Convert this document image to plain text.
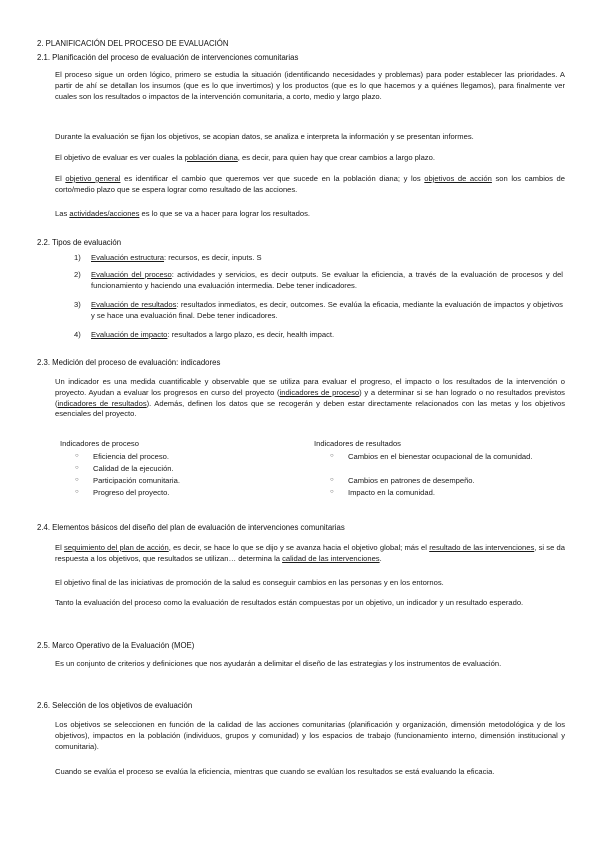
2. PLANIFICACIÓN DEL PROCESO DE EVALUACIÓN
2.1. Planificación del proceso de evaluación de intervenciones comunitarias
El proceso sigue un orden lógico, primero se estudia la situación (identificando necesidades y problemas) para poder establecer las prioridades. A partir de ahí se detallan los insumos (que es lo que invertimos) y los productos (que es lo que hacemos y a quiénes llegamos), para finalmente ver cuales son los resultados o impactos de la intervención comunitaria, a corto, medio y largo plazo.
Durante la evaluación se fijan los objetivos, se acopian datos, se analiza e interpreta la información y se presentan informes.
El objetivo de evaluar es ver cuales la población diana, es decir, para quien hay que crear cambios a largo plazo.
El objetivo general es identificar el cambio que queremos ver que sucede en la población diana; y los objetivos de acción son los cambios de corto/medio plazo que se espera lograr como resultado de las acciones.
Las actividades/acciones es lo que se va a hacer para lograr los resultados.
2.2. Tipos de evaluación
1) Evaluación estructura: recursos, es decir, inputs. S
2) Evaluación del proceso: actividades y servicios, es decir outputs. Se evaluar la eficiencia, a través de la evaluación de procesos y del funcionamiento y haciendo una evaluación intermedia. Debe tener indicadores.
3) Evaluación de resultados: resultados inmediatos, es decir, outcomes. Se evalúa la eficacia, mediante la evaluación de impactos y objetivos y se hace una evaluación final. Debe tener indicadores.
4) Evaluación de impacto: resultados a largo plazo, es decir, health impact.
2.3. Medición del proceso de evaluación: indicadores
Un indicador es una medida cuantificable y observable que se utiliza para evaluar el progreso, el impacto o los resultados de la intervención o proyecto. Ayudan a evaluar los progresos en curso del proyecto (indicadores de proceso) y a determinar si se han logrado o no resultados previstos (indicadores de resultados). Además, definen los datos que se recogerán y deben estar directamente relacionados con las metas y los objetivos esenciales del proyecto.
Indicadores de proceso
○ Eficiencia del proceso.
○ Calidad de la ejecución.
○ Participación comunitaria.
○ Progreso del proyecto.
Indicadores de resultados
○ Cambios en el bienestar ocupacional de la comunidad.
○ Cambios en patrones de desempeño.
○ Impacto en la comunidad.
2.4. Elementos básicos del diseño del plan de evaluación de intervenciones comunitarias
El seguimiento del plan de acción, es decir, se hace lo que se dijo y se avanza hacia el objetivo global; más el resultado de las intervenciones, si se da respuesta a los objetivos, que resultados se utilizan… determina la calidad de las intervenciones.
El objetivo final de las iniciativas de promoción de la salud es conseguir cambios en las personas y en los entornos.
Tanto la evaluación del proceso como la evaluación de resultados están compuestas por un objetivo, un indicador y un resultado esperado.
2.5. Marco Operativo de la Evaluación (MOE)
Es un conjunto de criterios y definiciones que nos ayudarán a delimitar el diseño de las estrategias y los instrumentos de evaluación.
2.6. Selección de los objetivos de evaluación
Los objetivos se seleccionen en función de la calidad de las acciones comunitarias (planificación y organización, dimensión metodológica y de los objetivos), impactos en la población (individuos, grupos y comunidad) y los espacios de trabajo (funcionamiento interno, dimensión institucional y comunitaria).
Cuando se evalúa el proceso se evalúa la eficiencia, mientras que cuando se evalúan los resultados se está evaluando la eficacia.
